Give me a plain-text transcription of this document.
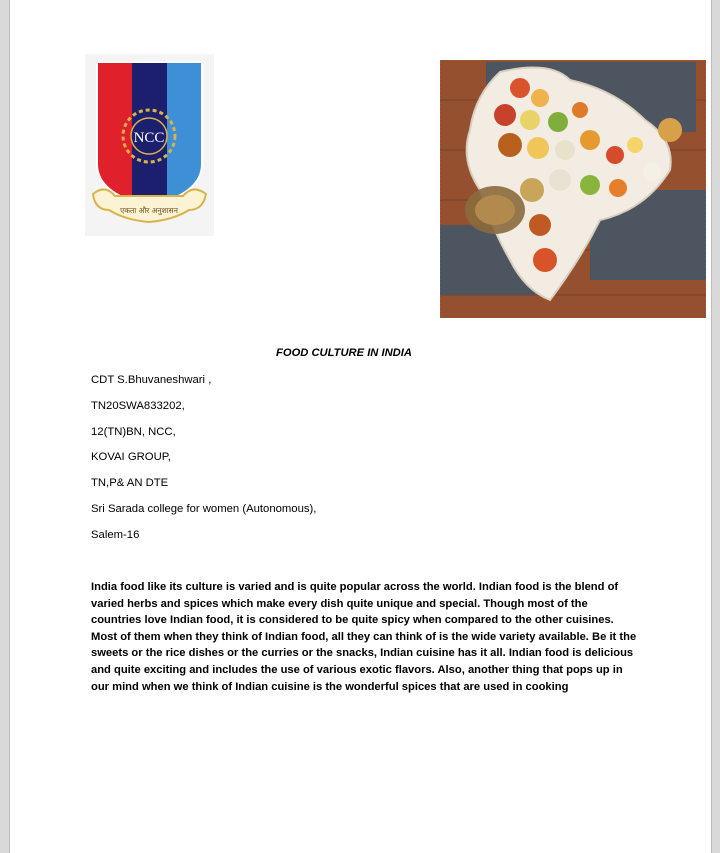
NCC
एकता और अनुशासन
FOOD CULTURE IN INDIA
CDT S.Bhuvaneshwari ,
TN20SWA833202,
12(TN)BN, NCC,
KOVAI GROUP,
TN,P& AN DTE
Sri Sarada college for women (Autonomous),
Salem-16
India food like its culture is varied and is quite popular across the world. Indian food is the blend of varied herbs and spices which make every dish quite unique and special. Though most of the countries love Indian food, it is considered to be quite spicy when compared to the other cuisines. Most of them when they think of Indian food, all they can think of is the wide variety available. Be it the sweets or the rice dishes or the curries or the snacks, Indian cuisine has it all. Indian food is delicious and quite exciting and includes the use of various exotic flavors. Also, another thing that pops up in our mind when we think of Indian cuisine is the wonderful spices that are used in cooking
